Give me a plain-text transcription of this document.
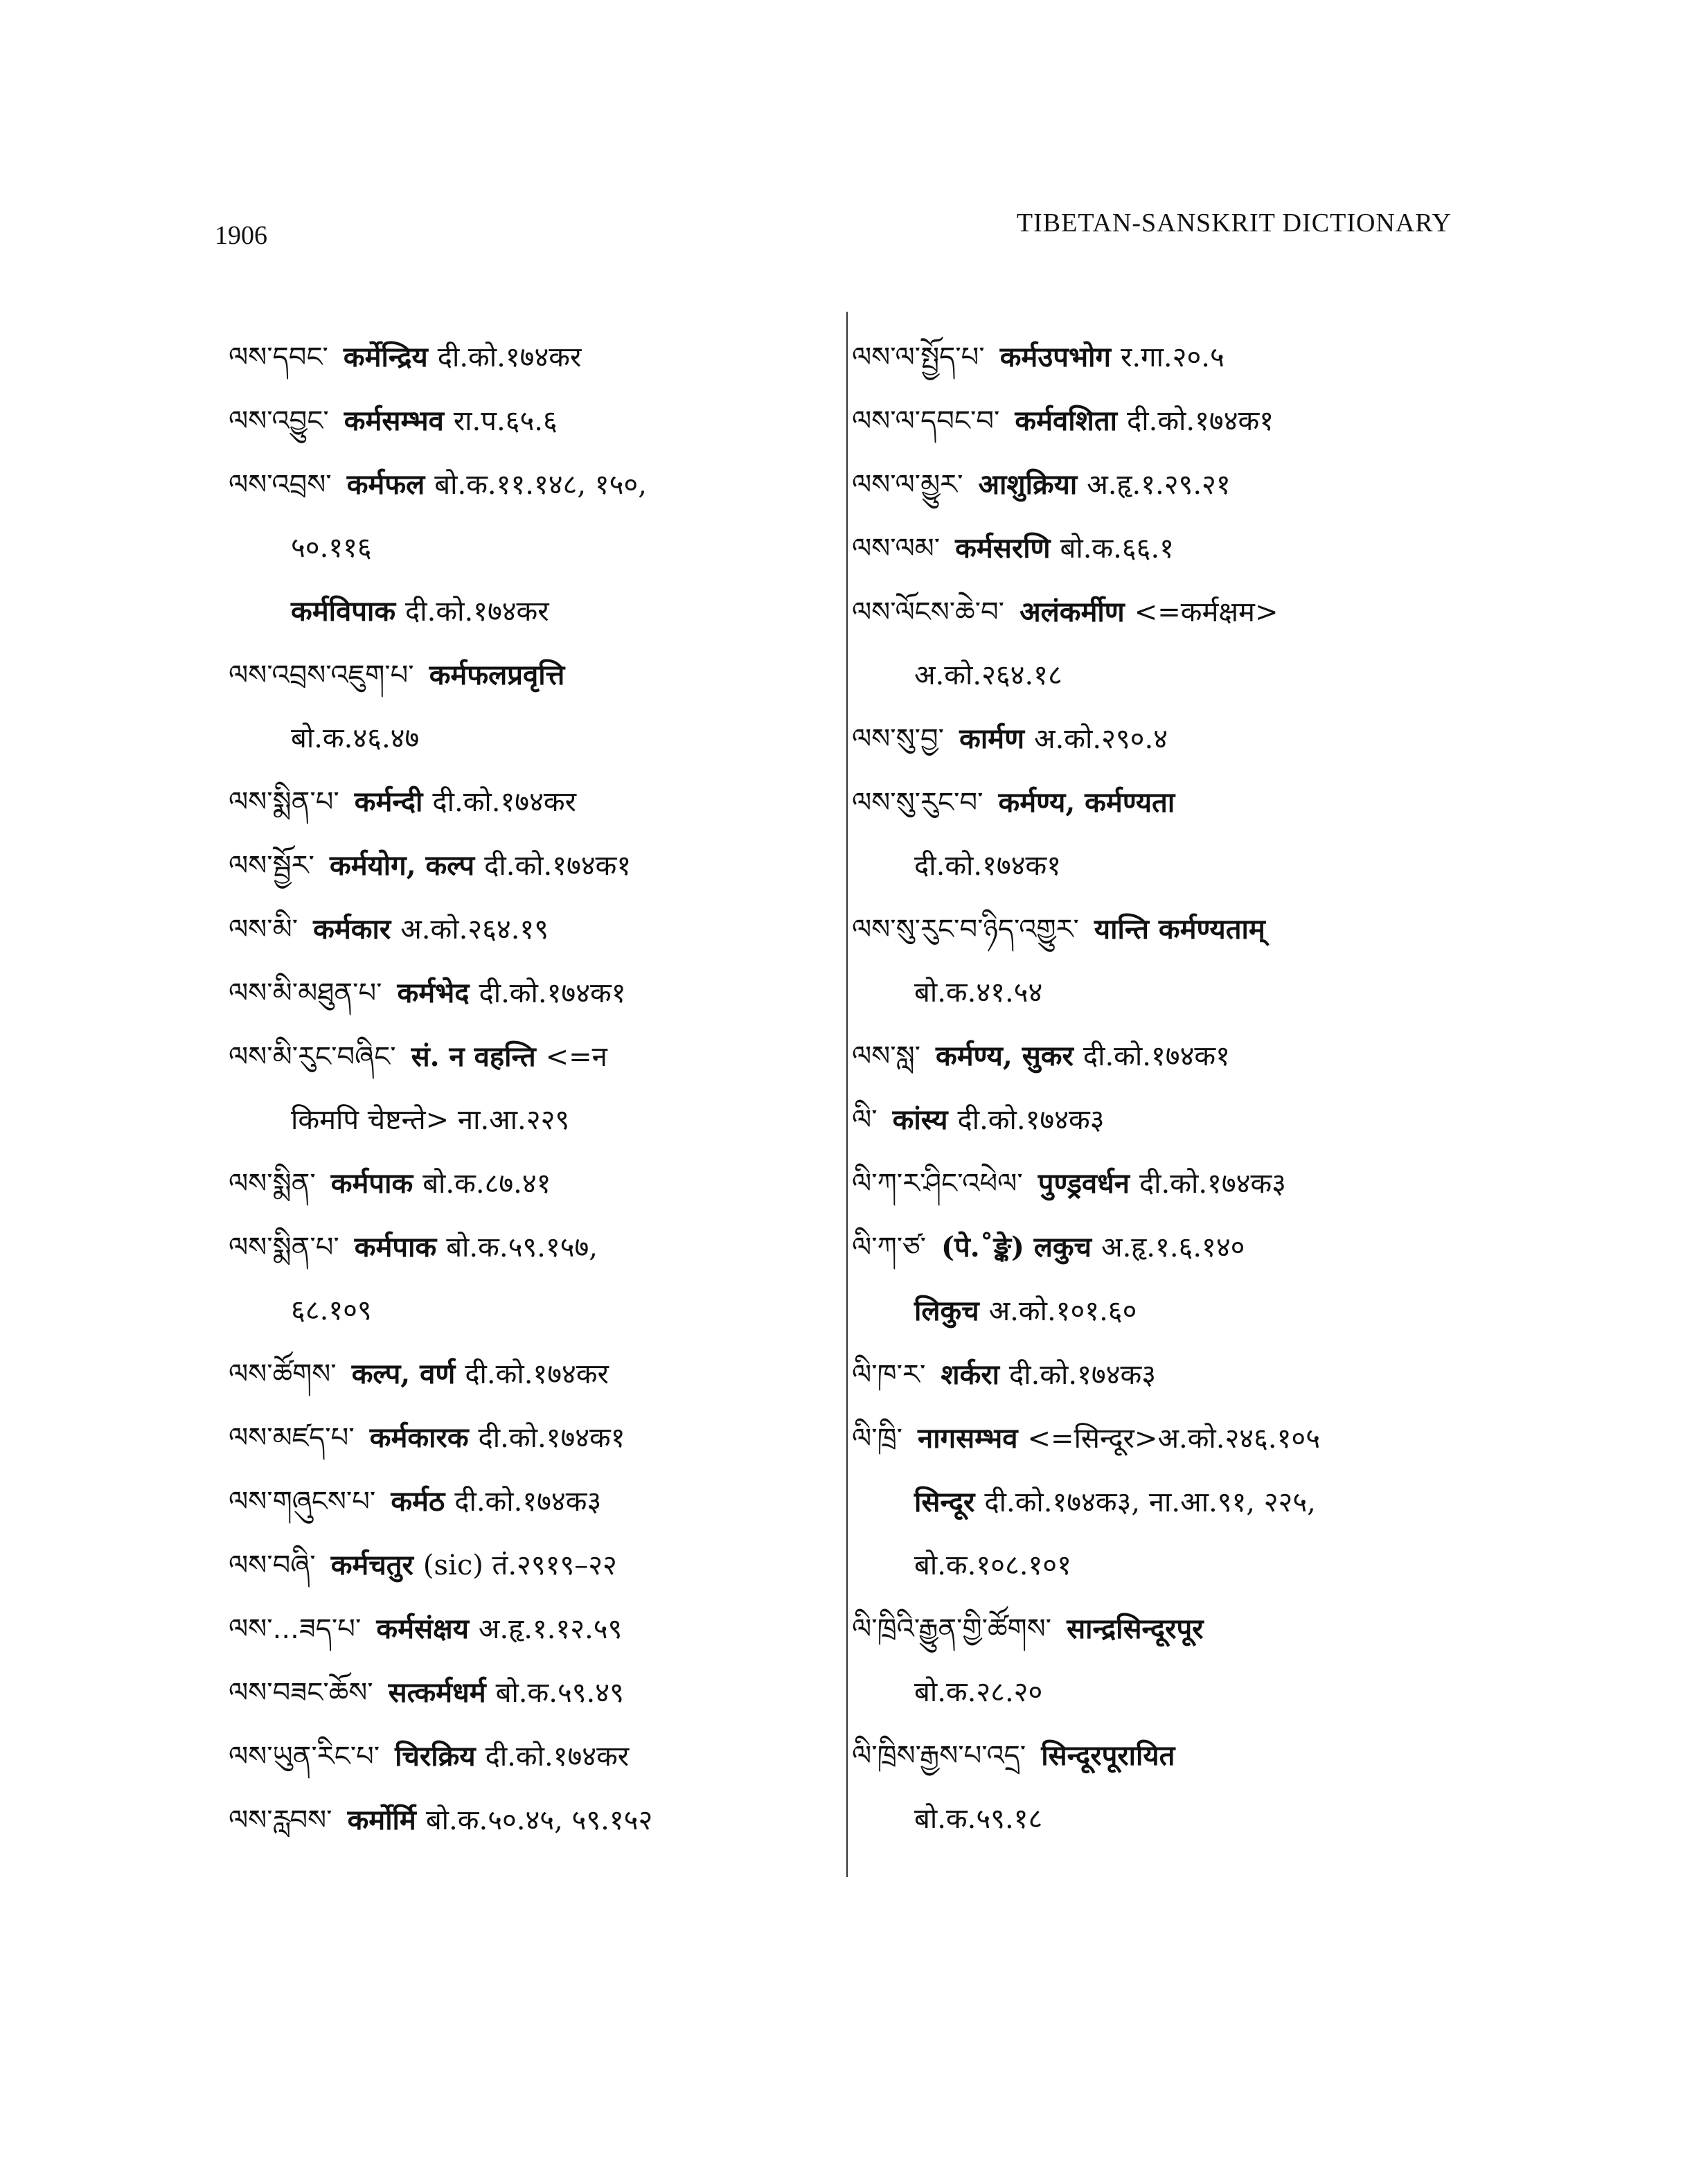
1906	TIBETAN-SANSKRIT DICTIONARY
ལས་དབང་ कर्मेन्द्रिय दी.को.१७४कर
ལས་འབྱུང་ कर्मसम्भव रा.प.६५.६
ལས་འབྲས་ कर्मफल बो.क.११.१४८, १५०,
५०.११६
कर्मविपाक दी.को.१७४कर
ལས་འབྲས་འཇུག་པ་ कर्मफलप्रवृत्ति
बो.क.४६.४७
ལས་སྨིན་པ་ कर्मन्दी दी.को.१७४कर
ལས་སྦྱོར་ कर्मयोग, कल्प दी.को.१७४क१
ལས་མི་ कर्मकार अ.को.२६४.१९
ལས་མི་མཐུན་པ་ कर्मभेद दी.को.१७४क१
ལས་མི་རུང་བཞིང་ सं. न वहन्ति <=न
किमपि चेष्टन्ते> ना.आ.२२९
ལས་སྨིན་ कर्मपाक बो.क.८७.४१
ལས་སྨིན་པ་ कर्मपाक बो.क.५९.१५७,
६८.१०९
ལས་ཚོགས་ कल्प, वर्ण दी.को.१७४कर
ལས་མཛད་པ་ कर्मकारक दी.को.१७४क१
ལས་གཞུངས་པ་ कर्मठ दी.को.१७४क३
ལས་བཞི་ कर्मचतुर (sic) तं.२९१९–२२
ལས་...ཟད་པ་ कर्मसंक्षय अ.हृ.१.१२.५९
ལས་བཟང་ཆོས་ सत्कर्मधर्म बो.क.५९.४९
ལས་ཡུན་རིང་པ་ चिरक्रिय दी.को.१७४कर
ལས་རླབས་ कर्मोर्मि बो.क.५०.४५, ५९.१५२
ལས་ལ་སྤྱོད་པ་ कर्मउपभोग र.गा.२०.५
ལས་ལ་དབང་བ་ कर्मवशिता दी.को.१७४क१
ལས་ལ་མྱུར་ आशुक्रिया अ.हृ.१.२९.२१
ལས་ལམ་ कर्मसरणि बो.क.६६.१
ལས་ལོངས་ཆེ་བ་ अलंकर्मीण <=कर्मक्षम>
अ.को.२६४.१८
ལས་སུ་བྱ་ कार्मण अ.को.२९०.४
ལས་སུ་རུང་བ་ कर्मण्य, कर्मण्यता
दी.को.१७४क१
ལས་སུ་རུང་བ་ཉིད་འགྱུར་ यान्ति कर्मण्यताम्
बो.क.४१.५४
ལས་སླ་ कर्मण्य, सुकर दी.को.१७४क१
ལི་ कांस्य दी.को.१७४क३
ལི་ཀ་ར་ཤིང་འཕེལ་ पुण्ड्रवर्धन दी.को.१७४क३
ལི་ཀ་ཙ་ (पे.˚ङ्के) लकुच अ.हृ.१.६.१४०
लिकुच अ.को.१०१.६०
ལི་ཁ་ར་ शर्करा दी.को.१७४क३
ལི་ཁྲི་ नागसम्भव <=सिन्दूर>अ.को.२४६.१०५
सिन्दूर दी.को.१७४क३, ना.आ.९१, २२५,
बो.क.१०८.१०१
ལི་ཁྲིའི་རྒྱུན་གྱི་ཚོགས་ सान्द्रसिन्दूरपूर
बो.क.२८.२०
ལི་ཁྲིས་རྒྱས་པ་འདྲ་ सिन्दूरपूरायित
बो.क.५९.१८
